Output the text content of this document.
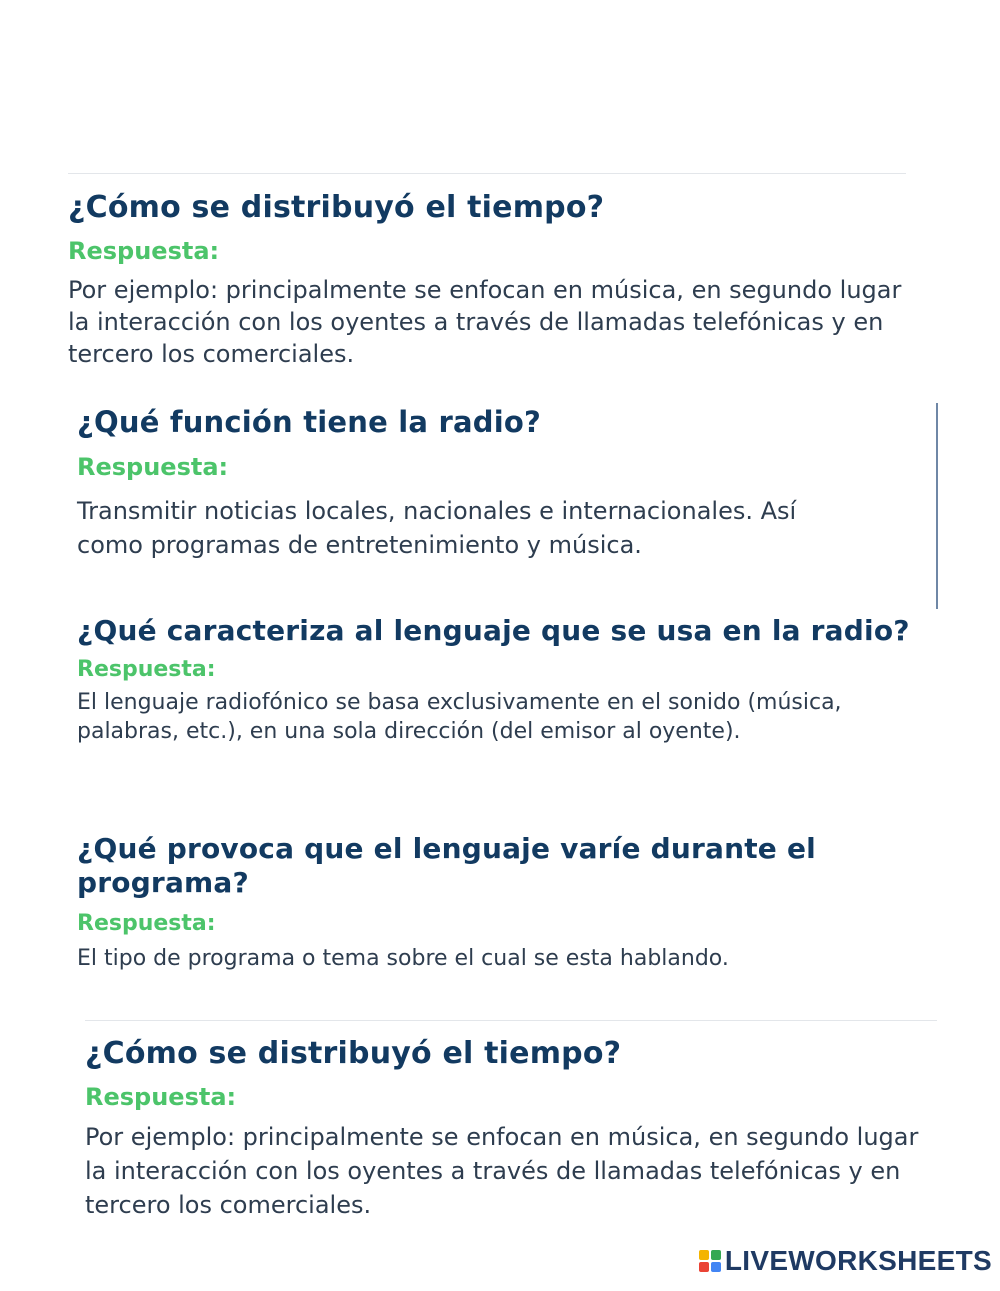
¿Cómo se distribuyó el tiempo?

Respuesta:

Por ejemplo: principalmente se enfocan en música, en segundo lugar la interacción con los oyentes a través de llamadas telefónicas y en tercero los comerciales.

¿Qué función tiene la radio?

Respuesta:

Transmitir noticias locales, nacionales e internacionales. Así como programas de entretenimiento y música.

¿Qué caracteriza al lenguaje que se usa en la radio?

Respuesta:

El lenguaje radiofónico se basa exclusivamente en el sonido (música, palabras, etc.), en una sola dirección (del emisor al oyente).

¿Qué provoca que el lenguaje varíe durante el programa?

Respuesta:

El tipo de programa o tema sobre el cual se esta hablando.

¿Cómo se distribuyó el tiempo?

Respuesta:

Por ejemplo: principalmente se enfocan en música, en segundo lugar la interacción con los oyentes a través de llamadas telefónicas y en tercero los comerciales.

LIVEWORKSHEETS
